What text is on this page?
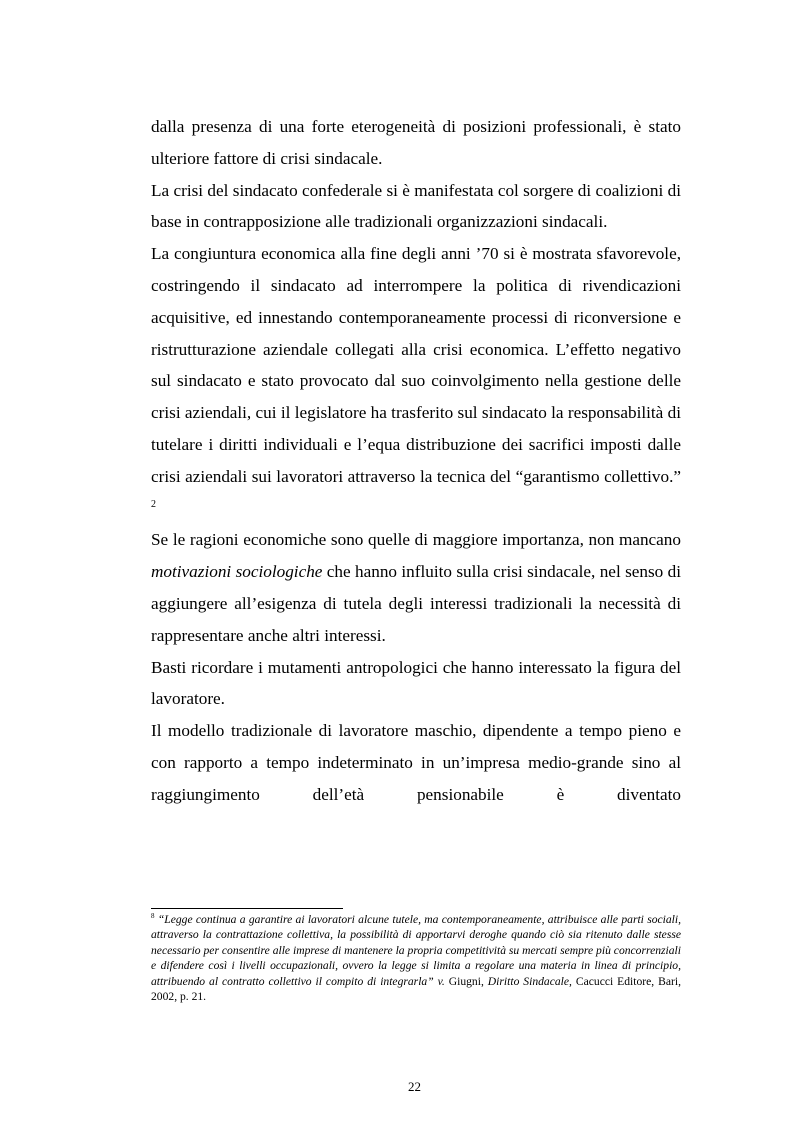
dalla presenza di una forte eterogeneità di posizioni professionali, è stato ulteriore fattore di crisi sindacale.

La crisi del sindacato confederale si è manifestata col sorgere di coalizioni di base in contrapposizione alle tradizionali organizzazioni sindacali.

La congiuntura economica alla fine degli anni ’70 si è mostrata sfavorevole, costringendo il sindacato ad interrompere la politica di rivendicazioni acquisitive, ed innestando contemporaneamente processi di riconversione e ristrutturazione aziendale collegati alla crisi economica. L’effetto negativo sul sindacato e stato provocato dal suo coinvolgimento nella gestione delle crisi aziendali, cui il legislatore ha trasferito sul sindacato la responsabilità di tutelare i diritti individuali e l’equa distribuzione dei sacrifici imposti dalle crisi aziendali sui lavoratori attraverso la tecnica del “garantismo collettivo.” $^2$

Se le ragioni economiche sono quelle di maggiore importanza, non mancano motivazioni sociologiche che hanno influito sulla crisi sindacale, nel senso di aggiungere all’esigenza di tutela degli interessi tradizionali la necessità di rappresentare anche altri interessi.

Basti ricordare i mutamenti antropologici che hanno interessato la figura del lavoratore.

Il modello tradizionale di lavoratore maschio, dipendente a tempo pieno e con rapporto a tempo indeterminato in un’impresa medio-grande sino al raggiungimento dell’età pensionabile è diventato

$^8$ “Legge continua a garantire ai lavoratori alcune tutele, ma contemporaneamente, attribuisce alle parti sociali, attraverso la contrattazione collettiva, la possibilità di apportarvi deroghe quando ciò sia ritenuto dalle stesse necessario per consentire alle imprese di mantenere la propria competitività su mercati sempre più concorrenziali e difendere così i livelli occupazionali, ovvero la legge si limita a regolare una materia in linea di principio, attribuendo al contratto collettivo il compito di integrarla” v. Giugni, Diritto Sindacale, Cacucci Editore, Bari, 2002, p. 21.
22
